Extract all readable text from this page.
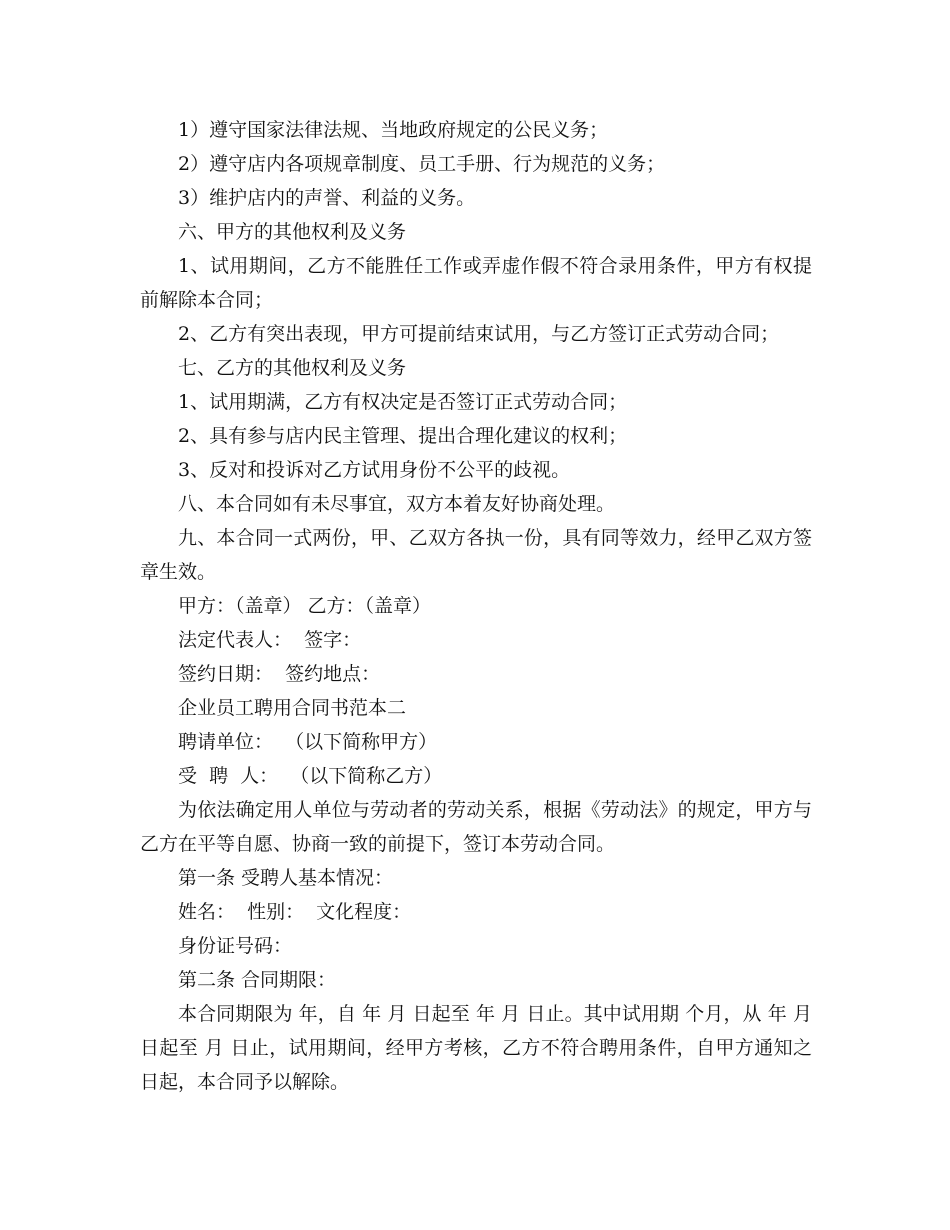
1）遵守国家法律法规、当地政府规定的公民义务；

2）遵守店内各项规章制度、员工手册、行为规范的义务；

3）维护店内的声誉、利益的义务。

六、甲方的其他权利及义务

1、试用期间，乙方不能胜任工作或弄虚作假不符合录用条件，甲方有权提前解除本合同；

2、乙方有突出表现，甲方可提前结束试用，与乙方签订正式劳动合同；

七、乙方的其他权利及义务

1、试用期满，乙方有权决定是否签订正式劳动合同；

2、具有参与店内民主管理、提出合理化建议的权利；

3、反对和投诉对乙方试用身份不公平的歧视。

八、本合同如有未尽事宜，双方本着友好协商处理。

九、本合同一式两份，甲、乙双方各执一份，具有同等效力，经甲乙双方签章生效。

甲方：（盖章） 乙方：（盖章）

法定代表人：  签字：

签约日期：  签约地点：

企业员工聘用合同书范本二

聘请单位：  （以下简称甲方）

受  聘  人：  （以下简称乙方）

为依法确定用人单位与劳动者的劳动关系，根据《劳动法》的规定，甲方与乙方在平等自愿、协商一致的前提下，签订本劳动合同。

第一条 受聘人基本情况：

姓名：  性别：  文化程度：

身份证号码：

第二条 合同期限：

本合同期限为 年，自 年 月 日起至 年 月 日止。其中试用期 个月，从 年 月 日起至 月 日止，试用期间，经甲方考核，乙方不符合聘用条件，自甲方通知之日起，本合同予以解除。
